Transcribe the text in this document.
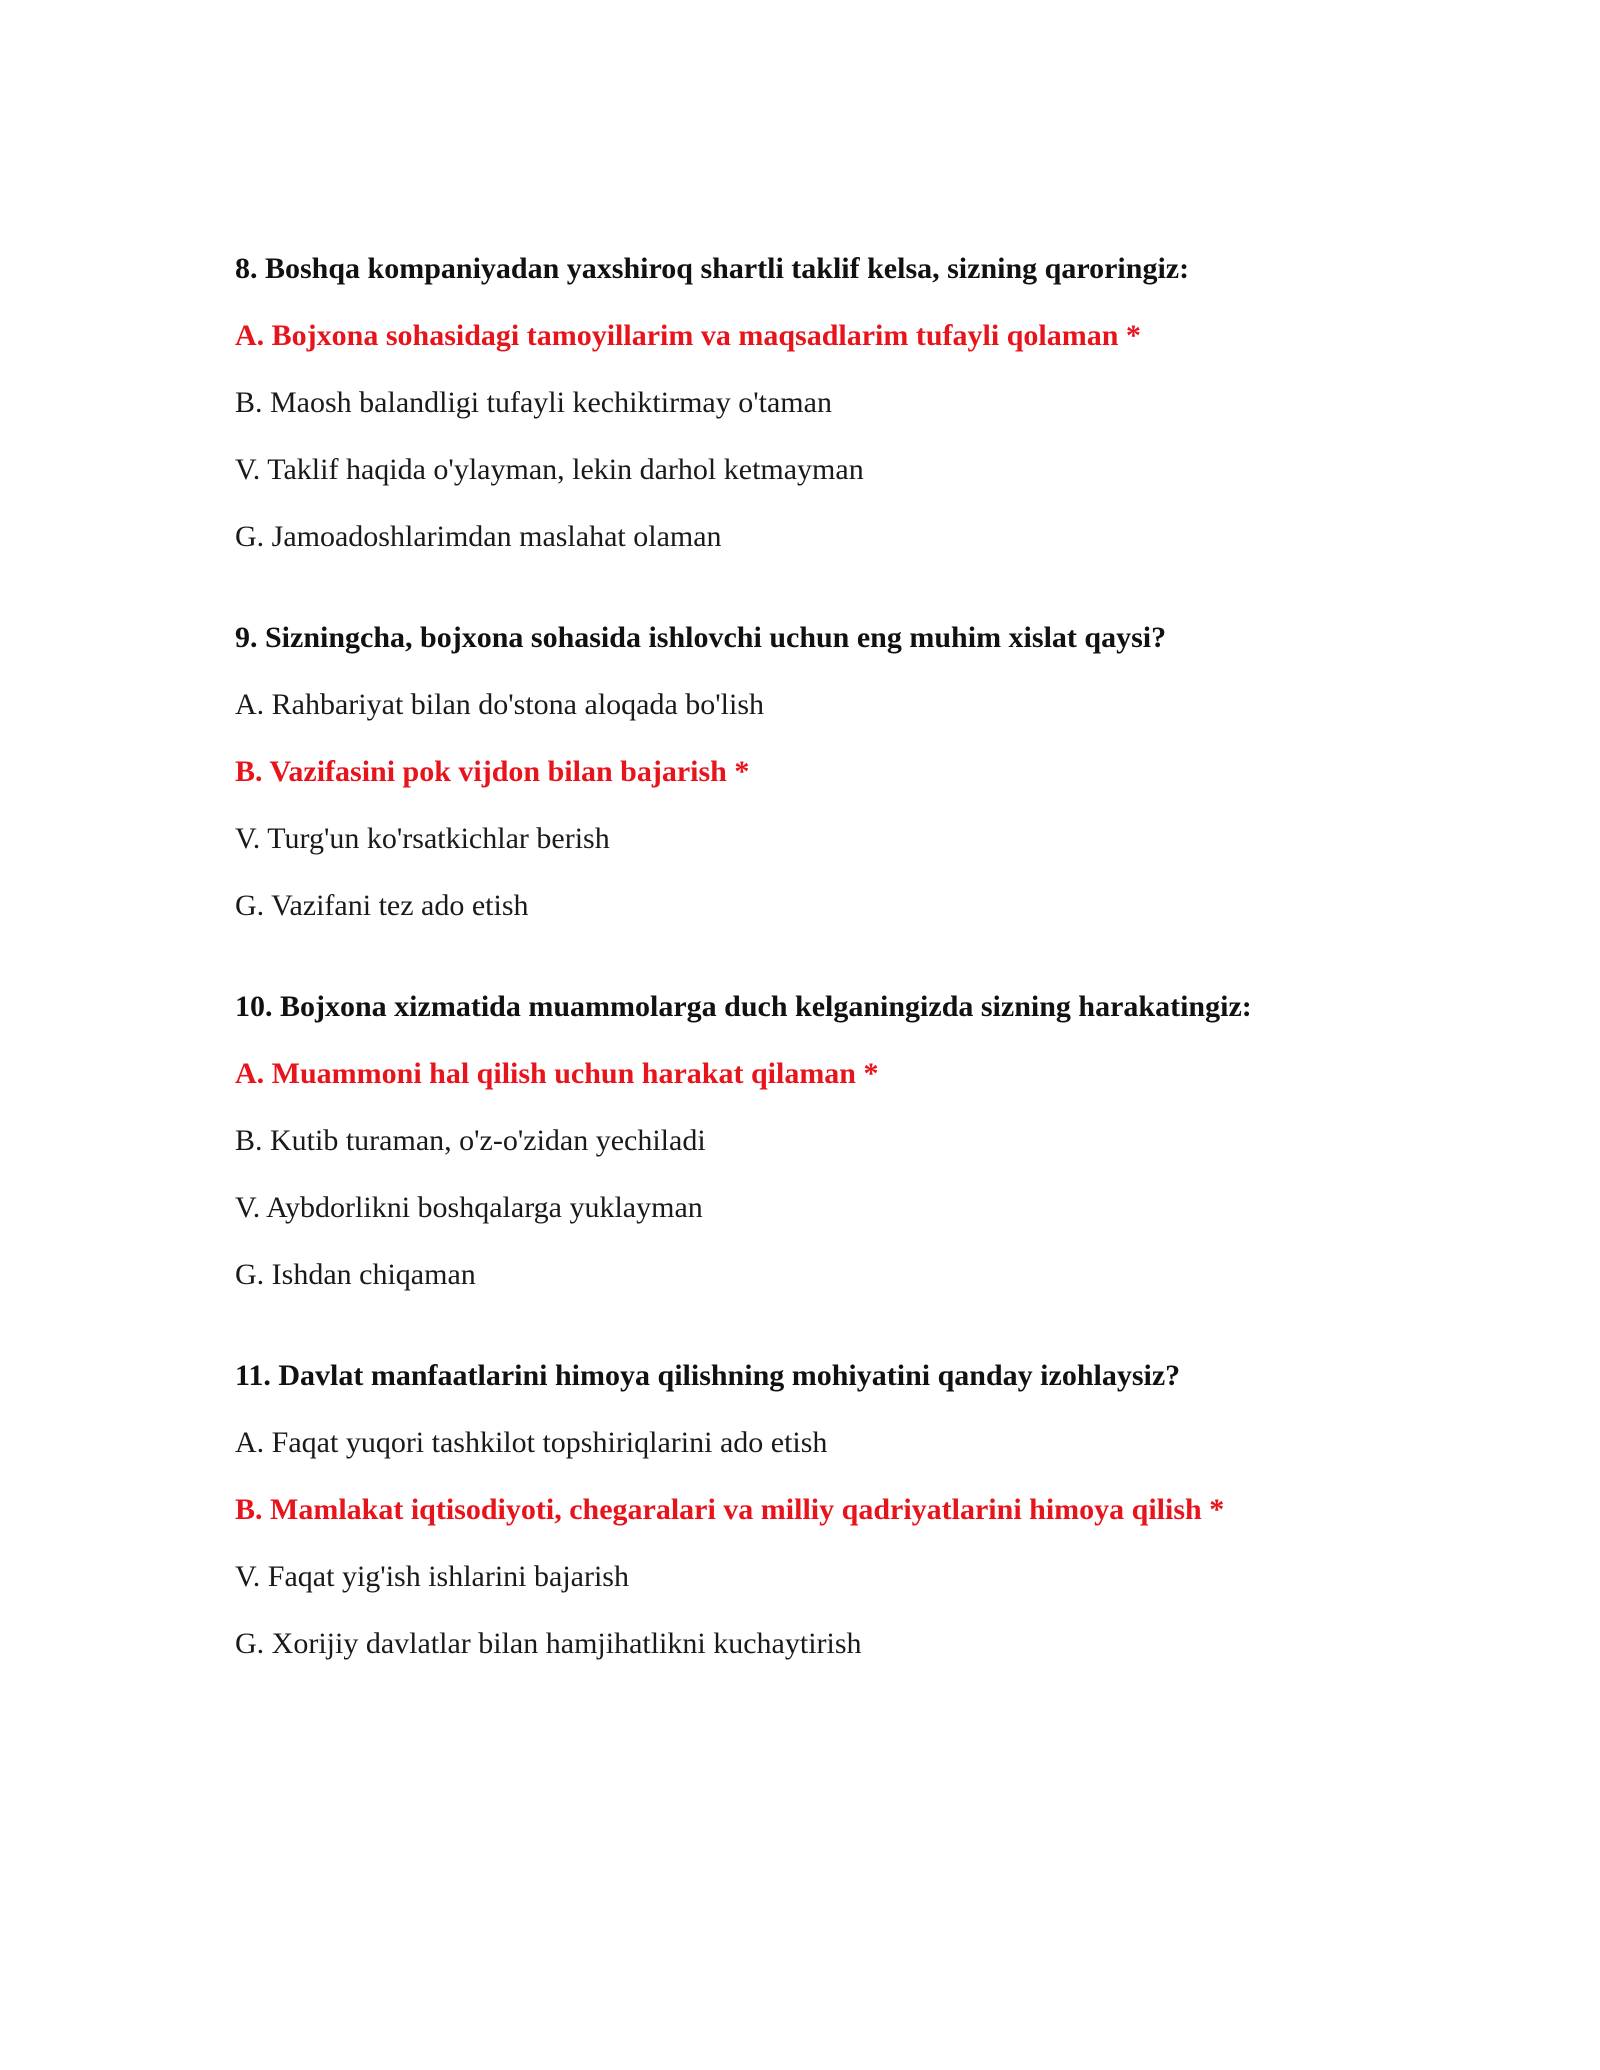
8. Boshqa kompaniyadan yaxshiroq shartli taklif kelsa, sizning qaroringiz:
A. Bojxona sohasidagi tamoyillarim va maqsadlarim tufayli qolaman *
B. Maosh balandligi tufayli kechiktirmay o'taman
V. Taklif haqida o'ylayman, lekin darhol ketmayman
G. Jamoadoshlarimdan maslahat olaman
9. Sizningcha, bojxona sohasida ishlovchi uchun eng muhim xislat qaysi?
A. Rahbariyat bilan do'stona aloqada bo'lish
B. Vazifasini pok vijdon bilan bajarish *
V. Turg'un ko'rsatkichlar berish
G. Vazifani tez ado etish
10. Bojxona xizmatida muammolarga duch kelganingizda sizning harakatingiz:
A. Muammoni hal qilish uchun harakat qilaman *
B. Kutib turaman, o'z-o'zidan yechiladi
V. Aybdorlikni boshqalarga yuklayman
G. Ishdan chiqaman
11. Davlat manfaatlarini himoya qilishning mohiyatini qanday izohlaysiz?
A. Faqat yuqori tashkilot topshiriqlarini ado etish
B. Mamlakat iqtisodiyoti, chegaralari va milliy qadriyatlarini himoya qilish *
V. Faqat yig'ish ishlarini bajarish
G. Xorijiy davlatlar bilan hamjihatlikni kuchaytirish
